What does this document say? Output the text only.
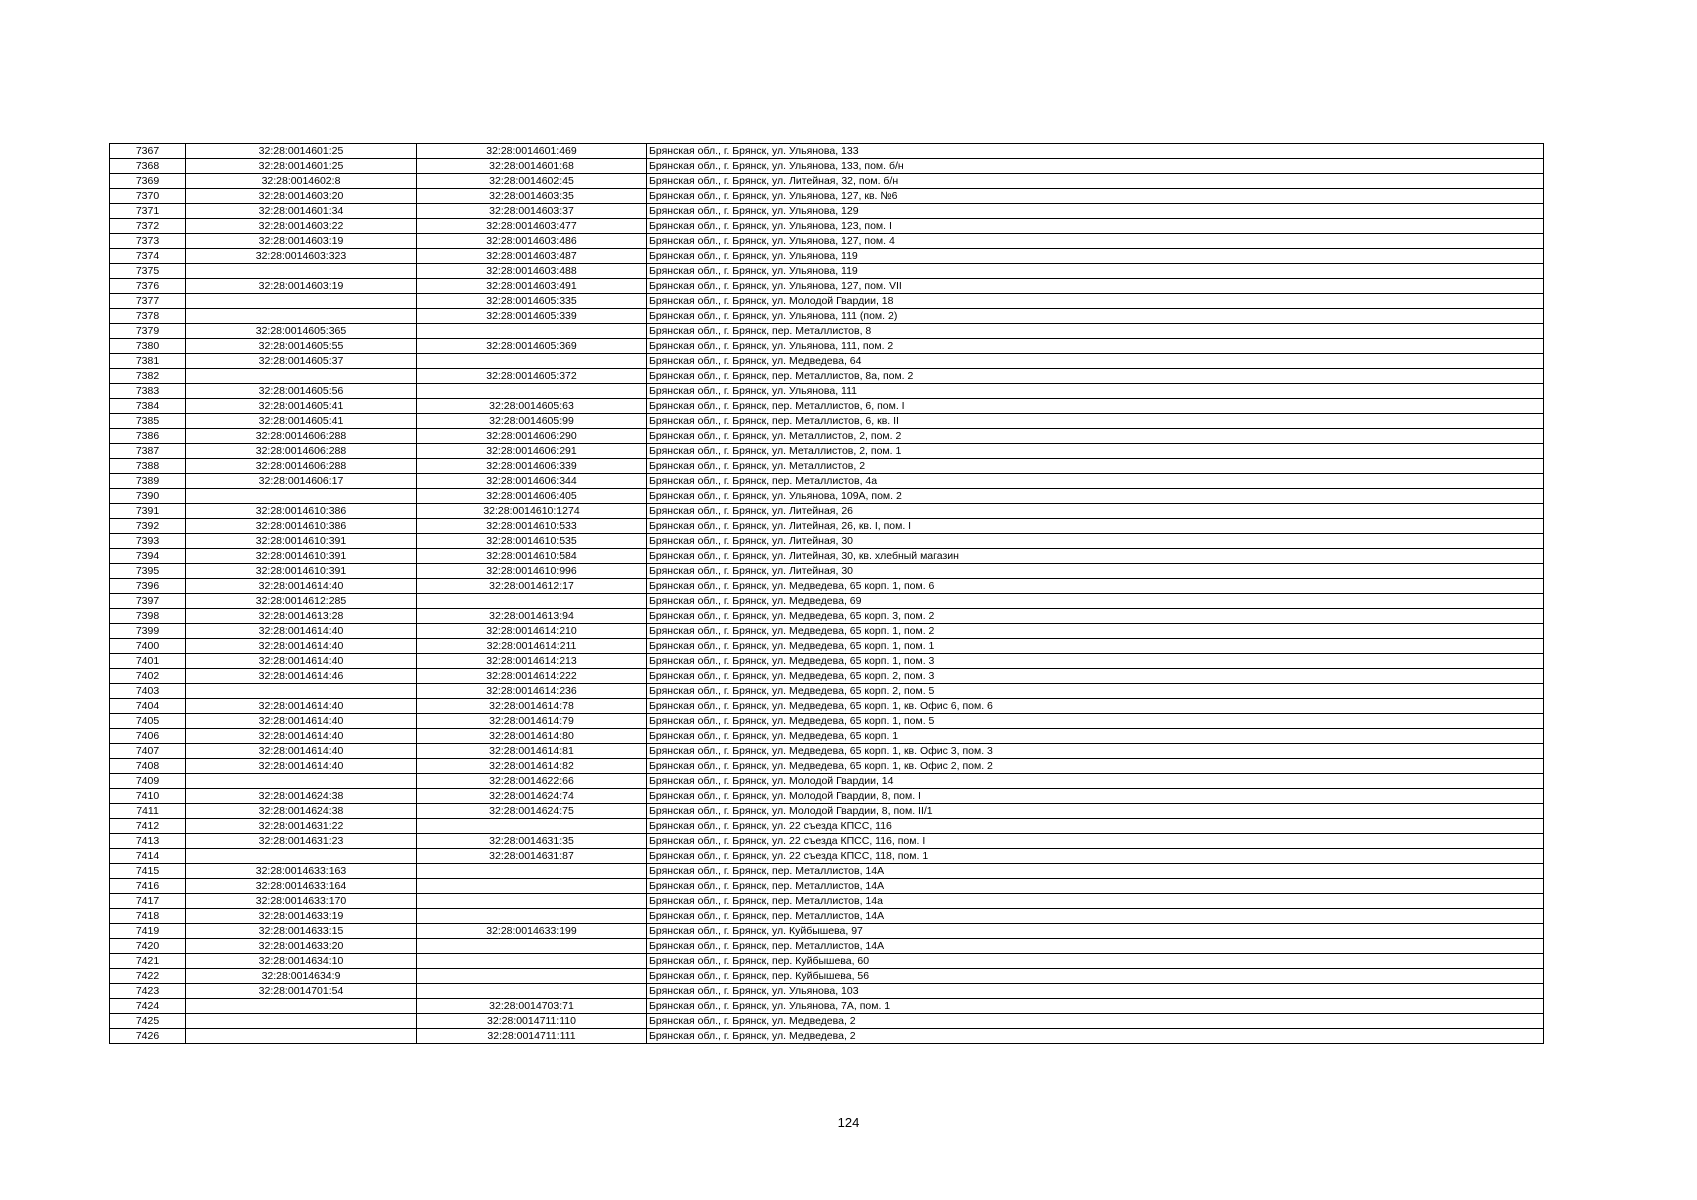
7367	32:28:0014601:25	32:28:0014601:469	Брянская обл., г. Брянск, ул. Ульянова, 133
7368	32:28:0014601:25	32:28:0014601:68	Брянская обл., г. Брянск, ул. Ульянова, 133, пом. б/н
7369	32:28:0014602:8	32:28:0014602:45	Брянская обл., г. Брянск, ул. Литейная, 32, пом. б/н
7370	32:28:0014603:20	32:28:0014603:35	Брянская обл., г. Брянск, ул. Ульянова, 127, кв. №6
7371	32:28:0014601:34	32:28:0014603:37	Брянская обл., г. Брянск, ул. Ульянова, 129
7372	32:28:0014603:22	32:28:0014603:477	Брянская обл., г. Брянск, ул. Ульянова, 123, пом. I
7373	32:28:0014603:19	32:28:0014603:486	Брянская обл., г. Брянск, ул. Ульянова, 127, пом. 4
7374	32:28:0014603:323	32:28:0014603:487	Брянская обл., г. Брянск, ул. Ульянова, 119
7375		32:28:0014603:488	Брянская обл., г. Брянск, ул. Ульянова, 119
7376	32:28:0014603:19	32:28:0014603:491	Брянская обл., г. Брянск, ул. Ульянова, 127, пом. VII
7377		32:28:0014605:335	Брянская обл., г. Брянск, ул. Молодой Гвардии, 18
7378		32:28:0014605:339	Брянская обл., г. Брянск, ул. Ульянова, 111 (пом. 2)
7379	32:28:0014605:365		Брянская обл., г. Брянск, пер. Металлистов, 8
7380	32:28:0014605:55	32:28:0014605:369	Брянская обл., г. Брянск, ул. Ульянова, 111, пом. 2
7381	32:28:0014605:37		Брянская обл., г. Брянск, ул. Медведева, 64
7382		32:28:0014605:372	Брянская обл., г. Брянск, пер. Металлистов, 8а, пом. 2
7383	32:28:0014605:56		Брянская обл., г. Брянск, ул. Ульянова, 111
7384	32:28:0014605:41	32:28:0014605:63	Брянская обл., г. Брянск, пер. Металлистов, 6, пом. I
7385	32:28:0014605:41	32:28:0014605:99	Брянская обл., г. Брянск, пер. Металлистов, 6, кв. II
7386	32:28:0014606:288	32:28:0014606:290	Брянская обл., г. Брянск, ул. Металлистов, 2, пом. 2
7387	32:28:0014606:288	32:28:0014606:291	Брянская обл., г. Брянск, ул. Металлистов, 2, пом. 1
7388	32:28:0014606:288	32:28:0014606:339	Брянская обл., г. Брянск, ул. Металлистов, 2
7389	32:28:0014606:17	32:28:0014606:344	Брянская обл., г. Брянск, пер. Металлистов, 4а
7390		32:28:0014606:405	Брянская обл., г. Брянск, ул. Ульянова, 109А, пом. 2
7391	32:28:0014610:386	32:28:0014610:1274	Брянская обл., г. Брянск, ул. Литейная, 26
7392	32:28:0014610:386	32:28:0014610:533	Брянская обл., г. Брянск, ул. Литейная, 26, кв. I, пом. I
7393	32:28:0014610:391	32:28:0014610:535	Брянская обл., г. Брянск, ул. Литейная, 30
7394	32:28:0014610:391	32:28:0014610:584	Брянская обл., г. Брянск, ул. Литейная, 30, кв. хлебный магазин
7395	32:28:0014610:391	32:28:0014610:996	Брянская обл., г. Брянск, ул. Литейная, 30
7396	32:28:0014614:40	32:28:0014612:17	Брянская обл., г. Брянск, ул. Медведева, 65 корп. 1, пом. 6
7397	32:28:0014612:285		Брянская обл., г. Брянск, ул. Медведева, 69
7398	32:28:0014613:28	32:28:0014613:94	Брянская обл., г. Брянск, ул. Медведева, 65 корп. 3, пом. 2
7399	32:28:0014614:40	32:28:0014614:210	Брянская обл., г. Брянск, ул. Медведева, 65 корп. 1, пом. 2
7400	32:28:0014614:40	32:28:0014614:211	Брянская обл., г. Брянск, ул. Медведева, 65 корп. 1, пом. 1
7401	32:28:0014614:40	32:28:0014614:213	Брянская обл., г. Брянск, ул. Медведева, 65 корп. 1, пом. 3
7402	32:28:0014614:46	32:28:0014614:222	Брянская обл., г. Брянск, ул. Медведева, 65 корп. 2, пом. 3
7403		32:28:0014614:236	Брянская обл., г. Брянск, ул. Медведева, 65 корп. 2, пом. 5
7404	32:28:0014614:40	32:28:0014614:78	Брянская обл., г. Брянск, ул. Медведева, 65 корп. 1, кв. Офис 6, пом. 6
7405	32:28:0014614:40	32:28:0014614:79	Брянская обл., г. Брянск, ул. Медведева, 65 корп. 1, пом. 5
7406	32:28:0014614:40	32:28:0014614:80	Брянская обл., г. Брянск, ул. Медведева, 65 корп. 1
7407	32:28:0014614:40	32:28:0014614:81	Брянская обл., г. Брянск, ул. Медведева, 65 корп. 1, кв. Офис 3, пом. 3
7408	32:28:0014614:40	32:28:0014614:82	Брянская обл., г. Брянск, ул. Медведева, 65 корп. 1, кв. Офис 2, пом. 2
7409		32:28:0014622:66	Брянская обл., г. Брянск, ул. Молодой Гвардии, 14
7410	32:28:0014624:38	32:28:0014624:74	Брянская обл., г. Брянск, ул. Молодой Гвардии, 8, пом. I
7411	32:28:0014624:38	32:28:0014624:75	Брянская обл., г. Брянск, ул. Молодой Гвардии, 8, пом. II/1
7412	32:28:0014631:22		Брянская обл., г. Брянск, ул. 22 съезда КПСС, 116
7413	32:28:0014631:23	32:28:0014631:35	Брянская обл., г. Брянск, ул. 22 съезда КПСС, 116, пом. I
7414		32:28:0014631:87	Брянская обл., г. Брянск, ул. 22 съезда КПСС, 118, пом. 1
7415	32:28:0014633:163		Брянская обл., г. Брянск, пер. Металлистов, 14А
7416	32:28:0014633:164		Брянская обл., г. Брянск, пер. Металлистов, 14А
7417	32:28:0014633:170		Брянская обл., г. Брянск, пер. Металлистов, 14а
7418	32:28:0014633:19		Брянская обл., г. Брянск, пер. Металлистов, 14А
7419	32:28:0014633:15	32:28:0014633:199	Брянская обл., г. Брянск, ул. Куйбышева, 97
7420	32:28:0014633:20		Брянская обл., г. Брянск, пер. Металлистов, 14А
7421	32:28:0014634:10		Брянская обл., г. Брянск, пер. Куйбышева, 60
7422	32:28:0014634:9		Брянская обл., г. Брянск, пер. Куйбышева, 56
7423	32:28:0014701:54		Брянская обл., г. Брянск, ул. Ульянова, 103
7424		32:28:0014703:71	Брянская обл., г. Брянск, ул. Ульянова, 7А, пом. 1
7425		32:28:0014711:110	Брянская обл., г. Брянск, ул. Медведева, 2
7426		32:28:0014711:111	Брянская обл., г. Брянск, ул. Медведева, 2
124
